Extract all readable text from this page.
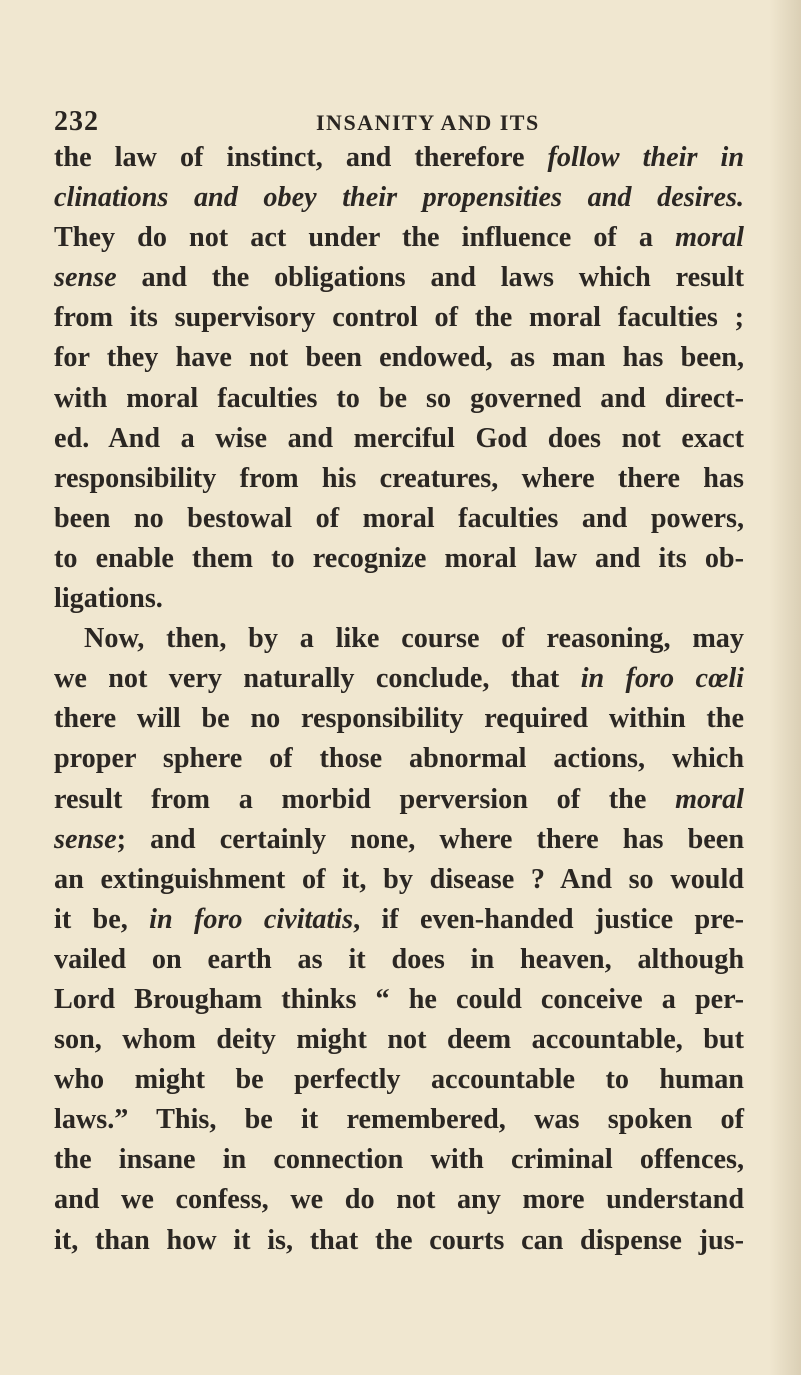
232	INSANITY AND ITS
the law of instinct, and therefore follow their in
clinations and obey their propensities and desires.
They do not act under the influence of a moral
sense and the obligations and laws which result
from its supervisory control of the moral faculties ;
for they have not been endowed, as man has been,
with moral faculties to be so governed and direct-
ed. And a wise and merciful God does not exact
responsibility from his creatures, where there has
been no bestowal of moral faculties and powers,
to enable them to recognize moral law and its ob-
ligations.
Now, then, by a like course of reasoning, may
we not very naturally conclude, that in foro cœli
there will be no responsibility required within the
proper sphere of those abnormal actions, which
result from a morbid perversion of the moral
sense; and certainly none, where there has been
an extinguishment of it, by disease ? And so would
it be, in foro civitatis, if even-handed justice pre-
vailed on earth as it does in heaven, although
Lord Brougham thinks “ he could conceive a per-
son, whom deity might not deem accountable, but
who might be perfectly accountable to human
laws.” This, be it remembered, was spoken of
the insane in connection with criminal offences,
and we confess, we do not any more understand
it, than how it is, that the courts can dispense jus-
